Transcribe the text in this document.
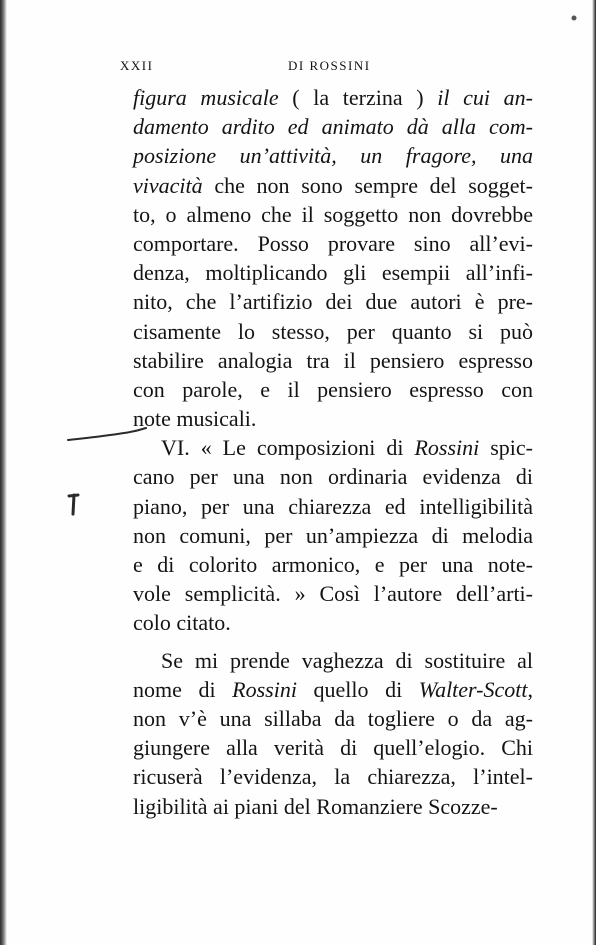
XXII	DI ROSSINI
figura musicale ( la terzina ) il cui an-
damento ardito ed animato dà alla com-
posizione un’attività, un fragore, una
vivacità che non sono sempre del sogget-
to, o almeno che il soggetto non dovrebbe
comportare. Posso provare sino all’evi-
denza, moltiplicando gli esempii all’infi-
nito, che l’artifizio dei due autori è pre-
cisamente lo stesso, per quanto si può
stabilire analogia tra il pensiero espresso
con parole, e il pensiero espresso con
note musicali.
VI. « Le composizioni di Rossini spic-
cano per una non ordinaria evidenza di
piano, per una chiarezza ed intelligibilità
non comuni, per un’ampiezza di melodia
e di colorito armonico, e per una note-
vole semplicità. » Così l’autore dell’arti-
colo citato.
Se mi prende vaghezza di sostituire al
nome di Rossini quello di Walter-Scott,
non v’è una sillaba da togliere o da ag-
giungere alla verità di quell’elogio. Chi
ricuserà l’evidenza, la chiarezza, l’intel-
ligibilità ai piani del Romanziere Scozze-
